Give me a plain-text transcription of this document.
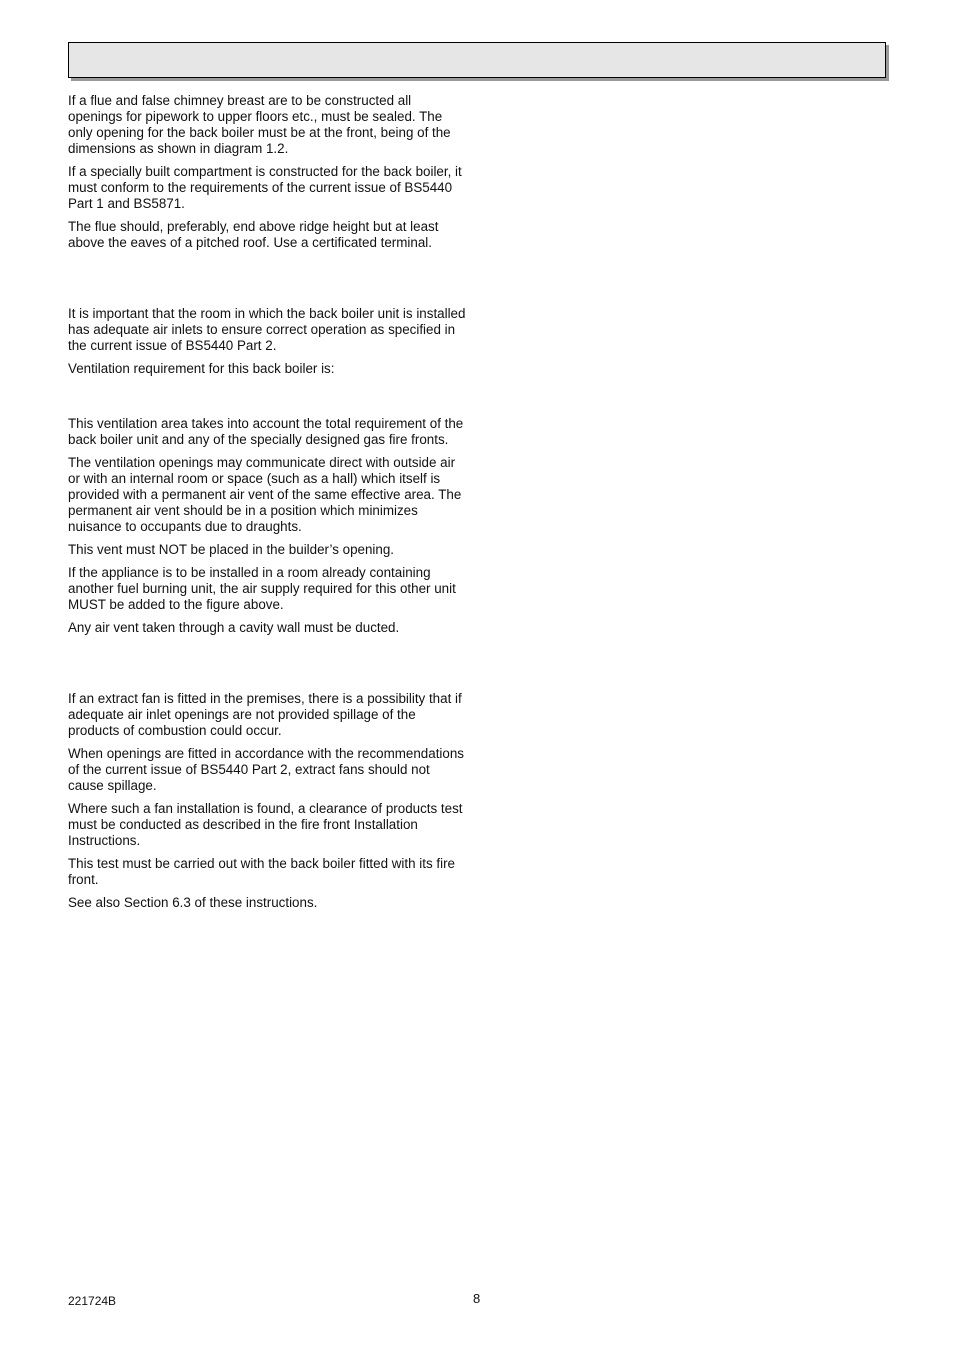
If a flue and false chimney breast are to be constructed all openings for pipework to upper floors etc., must be sealed. The only opening for the back boiler must be at the front, being of the dimensions as shown in diagram 1.2.

If a specially built compartment is constructed for the back boiler, it must conform to the requirements of the current issue of BS5440 Part 1 and BS5871.

The flue should, preferably, end above ridge height but at least above the eaves of a pitched roof. Use a certificated terminal.

It is important that the room in which the back boiler unit is installed has adequate air inlets to ensure correct operation as specified in the current issue of BS5440 Part 2.

Ventilation requirement for this back boiler is:

This ventilation area takes into account the total requirement of the back boiler unit and any of the specially designed gas fire fronts.

The ventilation openings may communicate direct with outside air or with an internal room or space (such as a hall) which itself is provided with a permanent air vent of the same effective area. The permanent air vent should be in a position which minimizes nuisance to occupants due to draughts.

This vent must NOT be placed in the builder’s opening.

If the appliance is to be installed in a room already containing another fuel burning unit, the air supply required for this other unit MUST be added to the figure above.

Any air vent taken through a cavity wall must be ducted.

If an extract fan is fitted in the premises, there is a possibility that if adequate air inlet openings are not provided spillage of the products of combustion could occur.

When openings are fitted in accordance with the recommendations of the current issue of BS5440 Part 2, extract fans should not cause spillage.

Where such a fan installation is found, a clearance of products test must be conducted as described in the fire front Installation Instructions.

This test must be carried out with the back boiler fitted with its fire front.

See also Section 6.3 of these instructions.

221724B	8
